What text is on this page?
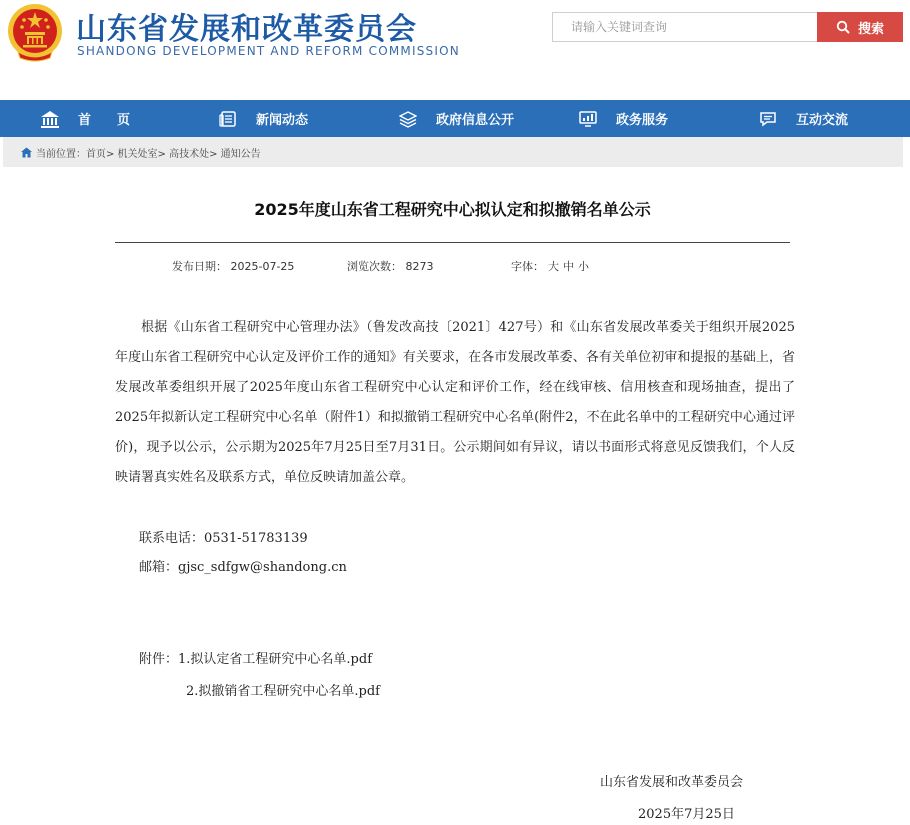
山东省发展和改革委员会
SHANDONG DEVELOPMENT AND REFORM COMMISSION
请输入关键词查询	搜索
首页	新闻动态	政府信息公开	政务服务	互动交流
当前位置： 首页> 机关处室> 高技术处> 通知公告
2025年度山东省工程研究中心拟认定和拟撤销名单公示
发布日期： 2025-07-25	浏览次数： 8273	字体： 大 中 小

根据《山东省工程研究中心管理办法》（鲁发改高技〔2021〕427号）和《山东省发展改革委关于组织开展2025年度山东省工程研究中心认定及评价工作的通知》有关要求，在各市发展改革委、各有关单位初审和提报的基础上，省发展改革委组织开展了2025年度山东省工程研究中心认定和评价工作，经在线审核、信用核查和现场抽查，提出了2025年拟新认定工程研究中心名单（附件1）和拟撤销工程研究中心名单(附件2，不在此名单中的工程研究中心通过评价)，现予以公示，公示期为2025年7月25日至7月31日。公示期间如有异议，请以书面形式将意见反馈我们，个人反映请署真实姓名及联系方式，单位反映请加盖公章。

联系电话：0531-51783139
邮箱：gjsc_sdfgw@shandong.cn
附件：1.拟认定省工程研究中心名单.pdf
2.拟撤销省工程研究中心名单.pdf
山东省发展和改革委员会
2025年7月25日
